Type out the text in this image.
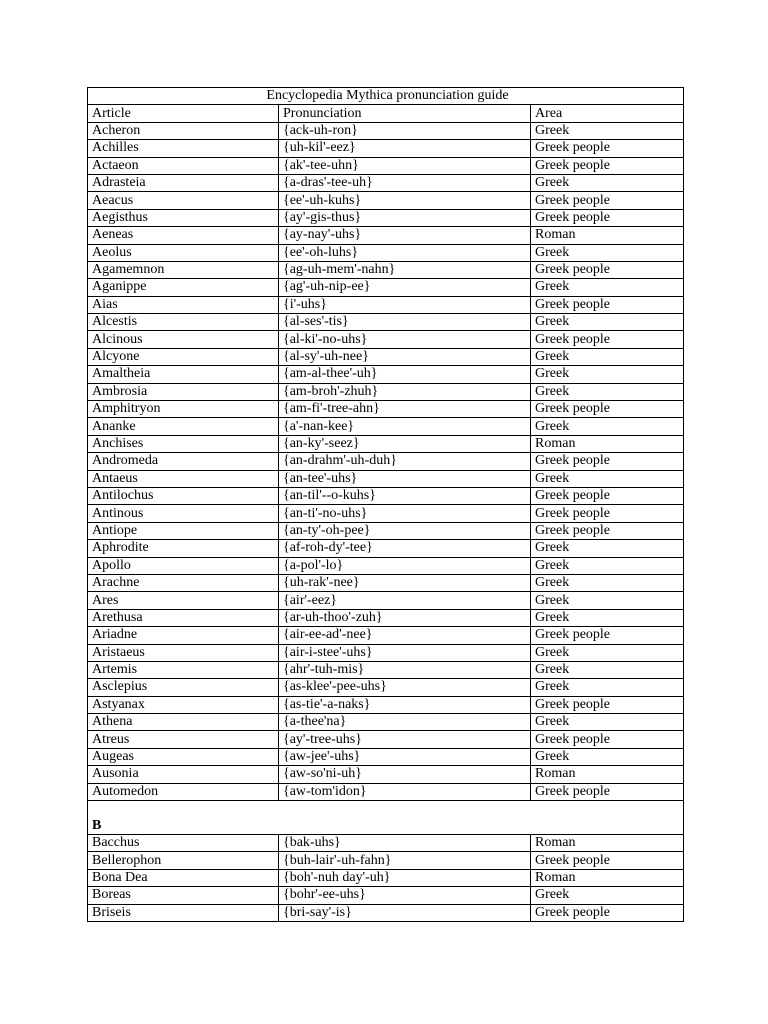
Encyclopedia Mythica pronunciation guide		
Article	Pronunciation	Area
Acheron	{ack-uh-ron}	Greek
Achilles	{uh-kil'-eez}	Greek people
Actaeon	{ak'-tee-uhn}	Greek people
Adrasteia	{a-dras'-tee-uh}	Greek
Aeacus	{ee'-uh-kuhs}	Greek people
Aegisthus	{ay'-gis-thus}	Greek people
Aeneas	{ay-nay'-uhs}	Roman
Aeolus	{ee'-oh-luhs}	Greek
Agamemnon	{ag-uh-mem'-nahn}	Greek people
Aganippe	{ag'-uh-nip-ee}	Greek
Aias	{i'-uhs}	Greek people
Alcestis	{al-ses'-tis}	Greek
Alcinous	{al-ki'-no-uhs}	Greek people
Alcyone	{al-sy'-uh-nee}	Greek
Amaltheia	{am-al-thee'-uh}	Greek
Ambrosia	{am-broh'-zhuh}	Greek
Amphitryon	{am-fi'-tree-ahn}	Greek people
Ananke	{a'-nan-kee}	Greek
Anchises	{an-ky'-seez}	Roman
Andromeda	{an-drahm'-uh-duh}	Greek people
Antaeus	{an-tee'-uhs}	Greek
Antilochus	{an-til'--o-kuhs}	Greek people
Antinous	{an-ti'-no-uhs}	Greek people
Antiope	{an-ty'-oh-pee}	Greek people
Aphrodite	{af-roh-dy'-tee}	Greek
Apollo	{a-pol'-lo}	Greek
Arachne	{uh-rak'-nee}	Greek
Ares	{air'-eez}	Greek
Arethusa	{ar-uh-thoo'-zuh}	Greek
Ariadne	{air-ee-ad'-nee}	Greek people
Aristaeus	{air-i-stee'-uhs}	Greek
Artemis	{ahr'-tuh-mis}	Greek
Asclepius	{as-klee'-pee-uhs}	Greek
Astyanax	{as-tie'-a-naks}	Greek people
Athena	{a-thee'na}	Greek
Atreus	{ay'-tree-uhs}	Greek people
Augeas	{aw-jee'-uhs}	Greek
Ausonia	{aw-so'ni-uh}	Roman
Automedon	{aw-tom'idon}	Greek people

B		
Bacchus	{bak-uhs}	Roman
Bellerophon	{buh-lair'-uh-fahn}	Greek people
Bona Dea	{boh'-nuh day'-uh}	Roman
Boreas	{bohr'-ee-uhs}	Greek
Briseis	{bri-say'-is}	Greek people
